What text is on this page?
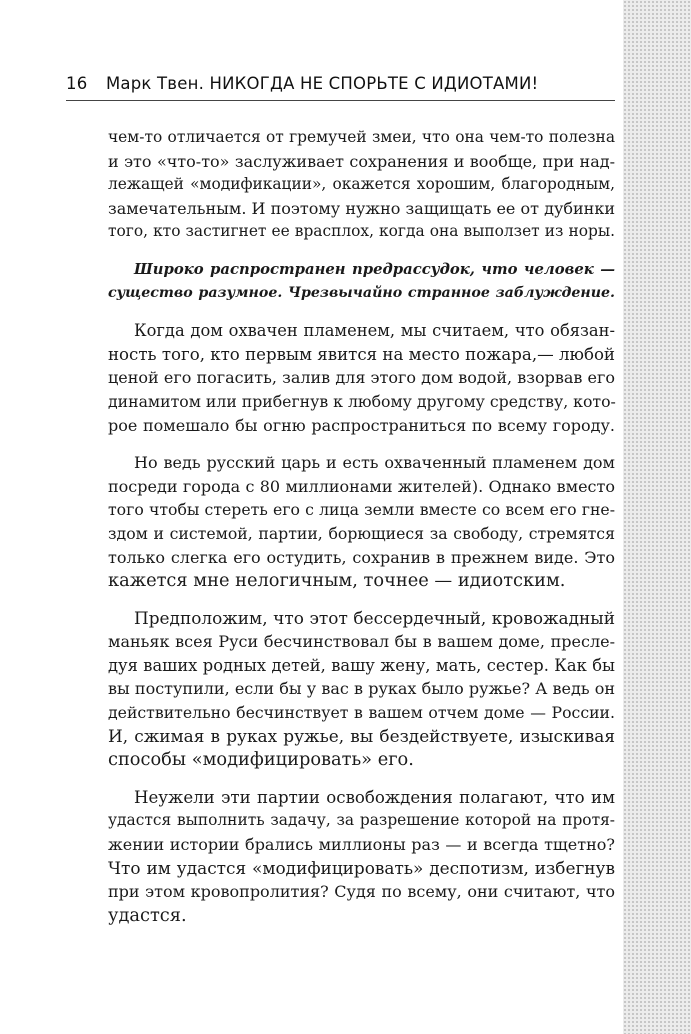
16 Марк Твен. НИКОГДА НЕ СПОРЬТЕ С ИДИОТАМИ!
чем-то отличается от гремучей змеи, что она чем-то полезна
и это «что-то» заслуживает сохранения и вообще, при над-
лежащей «модификации», окажется хорошим, благородным,
замечательным. И поэтому нужно защищать ее от дубинки
того, кто застигнет ее врасплох, когда она выползет из норы.
Широко распространен предрассудок, что человек —
существо разумное. Чрезвычайно странное заблуждение.
Когда дом охвачен пламенем, мы считаем, что обязан-
ность того, кто первым явится на место пожара,— любой
ценой его погасить, залив для этого дом водой, взорвав его
динамитом или прибегнув к любому другому средству, кото-
рое помешало бы огню распространиться по всему городу.
Но ведь русский царь и есть охваченный пламенем дом
посреди города с 80 миллионами жителей). Однако вместо
того чтобы стереть его с лица земли вместе со всем его гне-
здом и системой, партии, борющиеся за свободу, стремятся
только слегка его остудить, сохранив в прежнем виде. Это
кажется мне нелогичным, точнее — идиотским.
Предположим, что этот бессердечный, кровожадный
маньяк всея Руси бесчинствовал бы в вашем доме, пресле-
дуя ваших родных детей, вашу жену, мать, сестер. Как бы
вы поступили, если бы у вас в руках было ружье? А ведь он
действительно бесчинствует в вашем отчем доме — России.
И, сжимая в руках ружье, вы бездействуете, изыскивая
способы «модифицировать» его.
Неужели эти партии освобождения полагают, что им
удастся выполнить задачу, за разрешение которой на протя-
жении истории брались миллионы раз — и всегда тщетно?
Что им удастся «модифицировать» деспотизм, избегнув
при этом кровопролития? Судя по всему, они считают, что
удастся.
